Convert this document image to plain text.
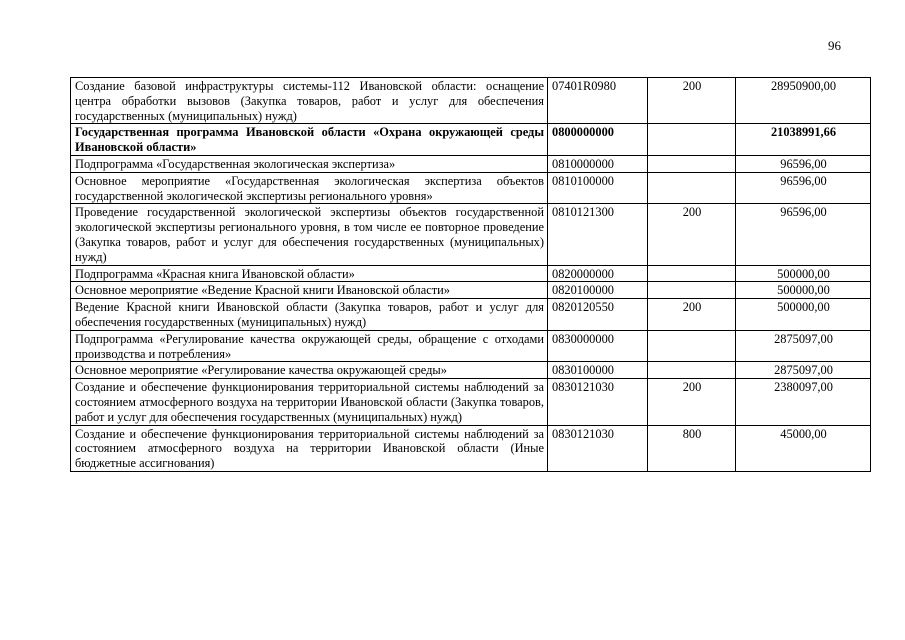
96
Создание базовой инфраструктуры системы-112 Ивановской области: оснащение центра обработки вызовов (Закупка товаров, работ и услуг для обеспечения государственных (муниципальных) нужд)	07401R0980	200	28950900,00
Государственная программа Ивановской области «Охрана окружающей среды Ивановской области»	0800000000		21038991,66
Подпрограмма «Государственная экологическая экспертиза»	0810000000		96596,00
Основное мероприятие «Государственная экологическая экспертиза объектов государственной экологической экспертизы регионального уровня»	0810100000		96596,00
Проведение государственной экологической экспертизы объектов государственной экологической экспертизы регионального уровня, в том числе ее повторное проведение (Закупка товаров, работ и услуг для обеспечения государственных (муниципальных) нужд)	0810121300	200	96596,00
Подпрограмма «Красная книга Ивановской области»	0820000000		500000,00
Основное мероприятие «Ведение Красной книги Ивановской области»	0820100000		500000,00
Ведение Красной книги Ивановской области (Закупка товаров, работ и услуг для обеспечения государственных (муниципальных) нужд)	0820120550	200	500000,00
Подпрограмма «Регулирование качества окружающей среды, обращение с отходами производства и потребления»	0830000000		2875097,00
Основное мероприятие «Регулирование качества окружающей среды»	0830100000		2875097,00
Создание и обеспечение функционирования территориальной системы наблюдений за состоянием атмосферного воздуха на территории Ивановской области (Закупка товаров, работ и услуг для обеспечения государственных (муниципальных) нужд)	0830121030	200	2380097,00
Создание и обеспечение функционирования территориальной системы наблюдений за состоянием атмосферного воздуха на территории Ивановской области (Иные бюджетные ассигнования)	0830121030	800	45000,00
